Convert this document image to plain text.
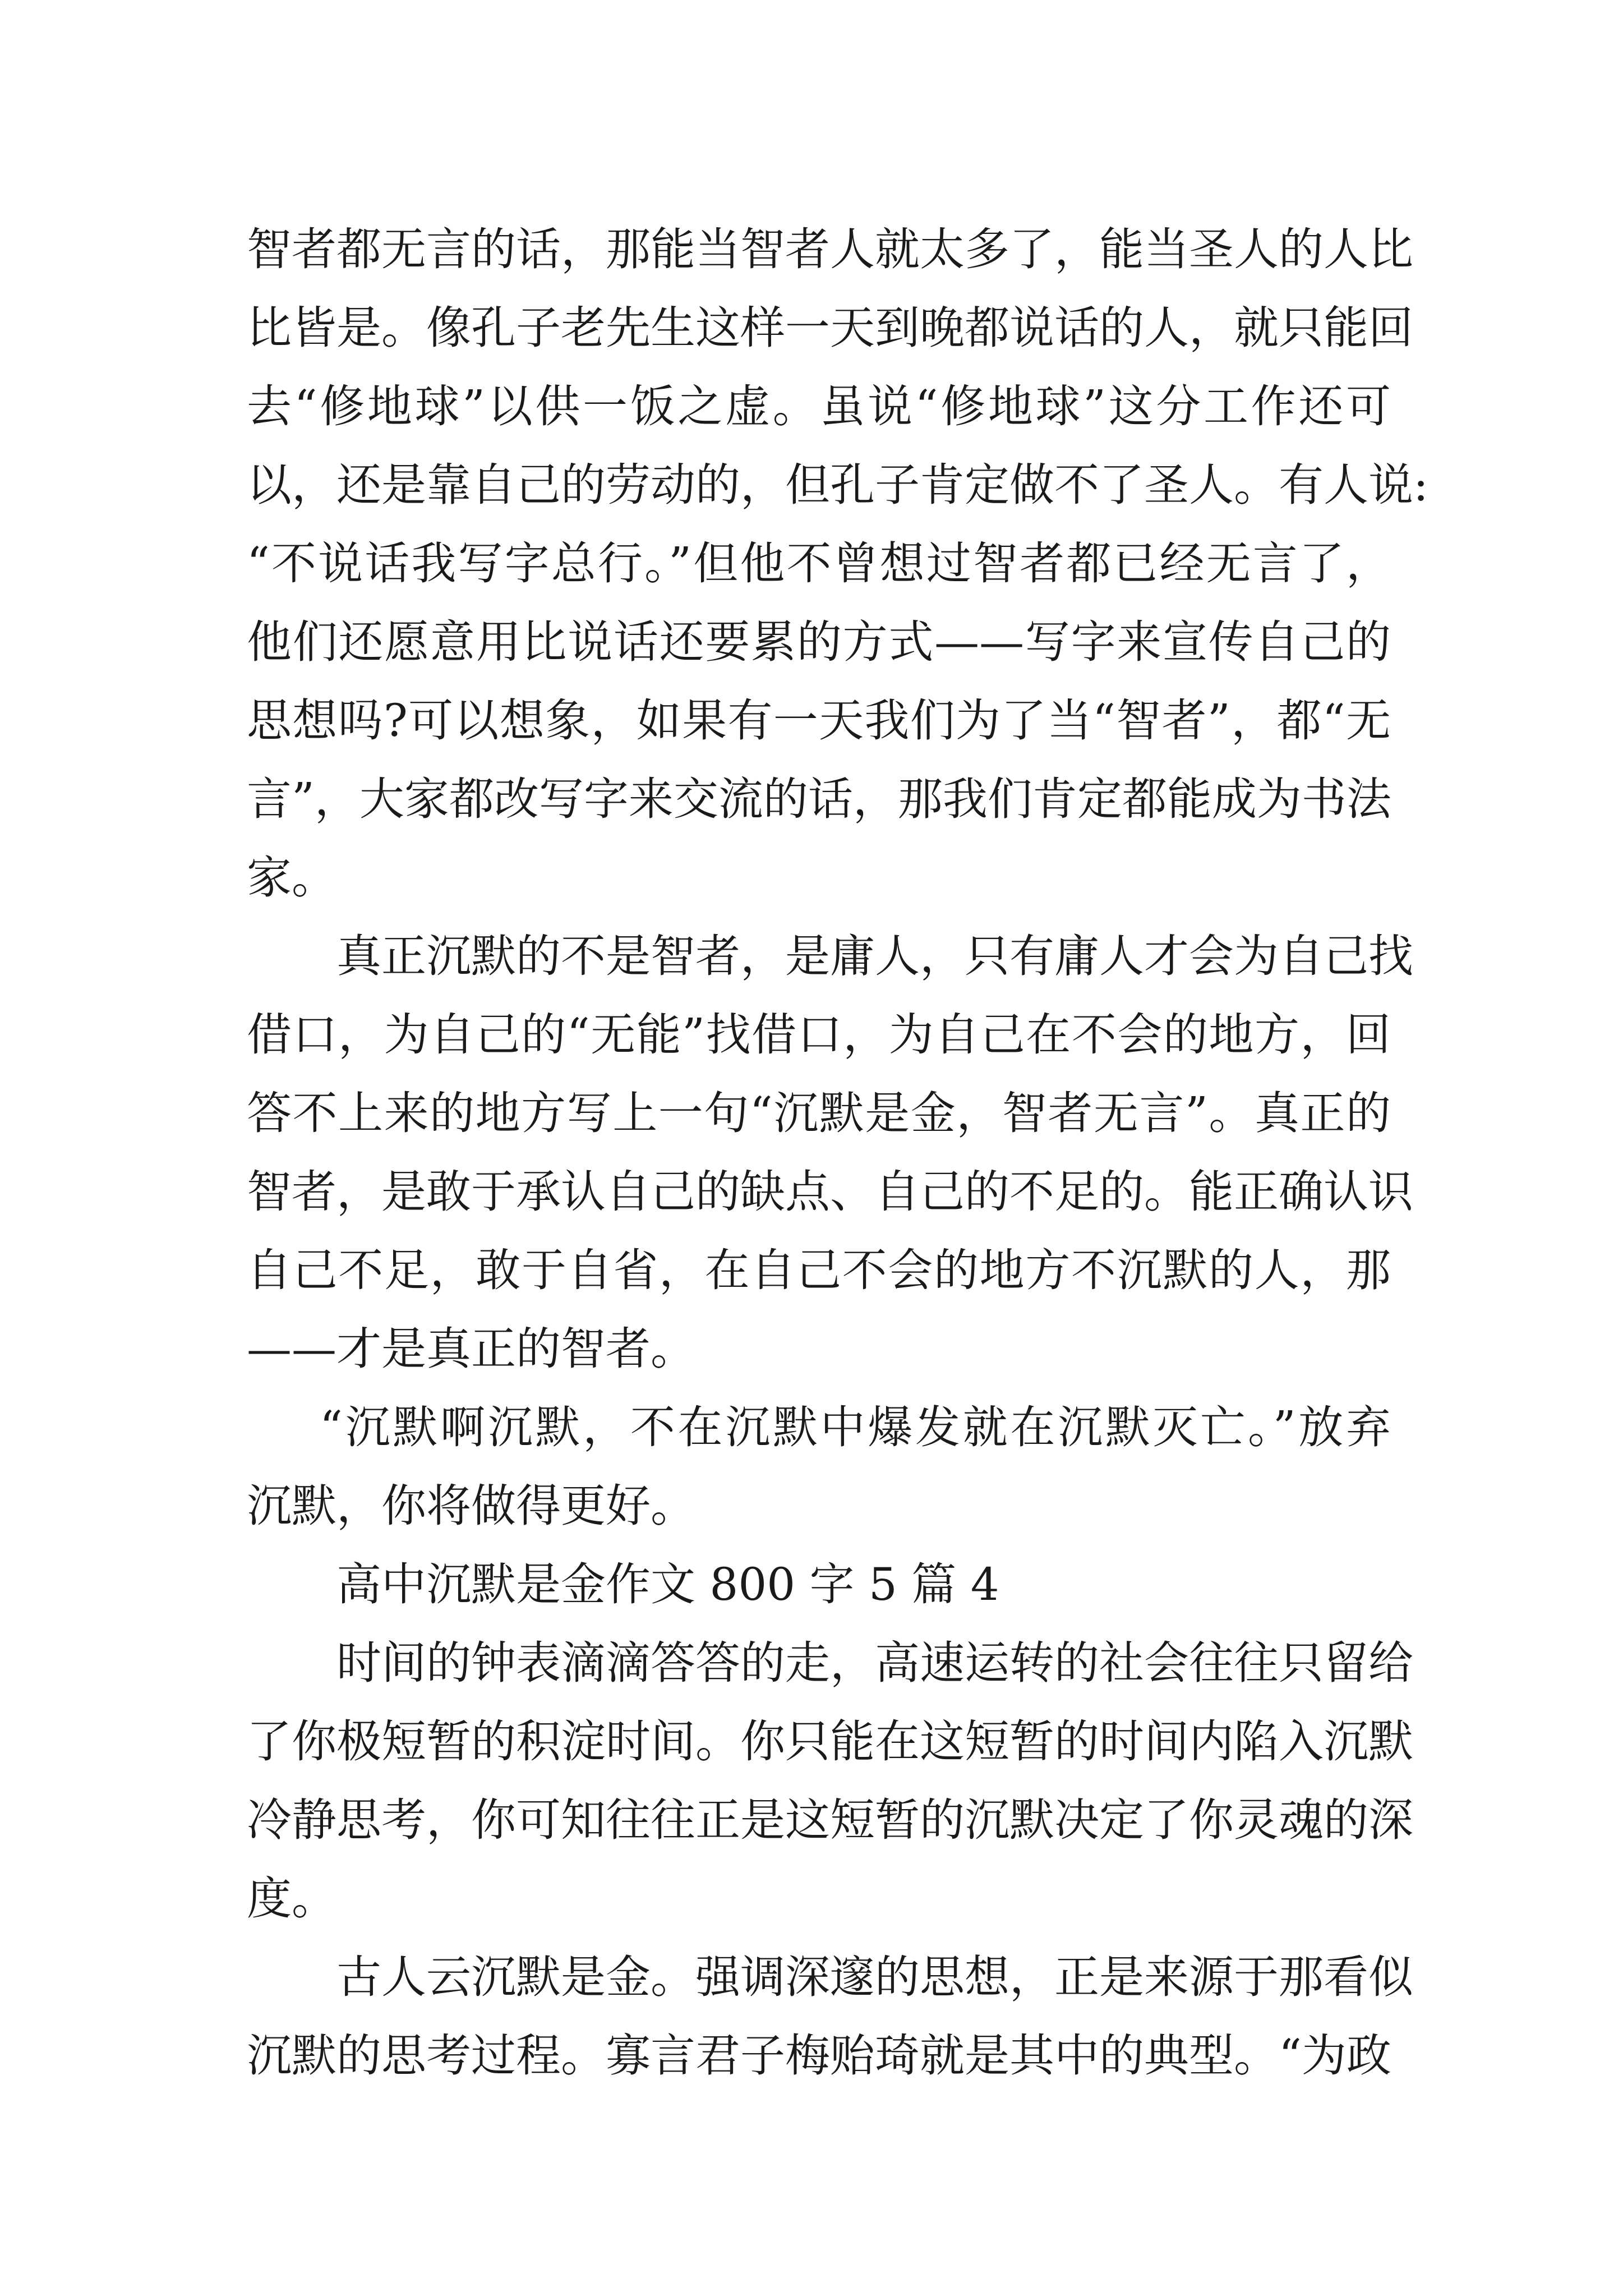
智者都无言的话，那能当智者人就太多了，能当圣人的人比
比皆是。像孔子老先生这样一天到晚都说话的人，就只能回
去“修地球”以供一饭之虚。虽说“修地球”这分工作还可
以，还是靠自己的劳动的，但孔子肯定做不了圣人。有人说:
“不说话我写字总行。”但他不曾想过智者都已经无言了，
他们还愿意用比说话还要累的方式——写字来宣传自己的
思想吗?可以想象，如果有一天我们为了当“智者”，都“无
言”，大家都改写字来交流的话，那我们肯定都能成为书法
家。
真正沉默的不是智者，是庸人，只有庸人才会为自己找
借口，为自己的“无能”找借口，为自己在不会的地方，回
答不上来的地方写上一句“沉默是金，智者无言”。真正的
智者，是敢于承认自己的缺点、自己的不足的。能正确认识
自己不足，敢于自省，在自己不会的地方不沉默的人，那
——才是真正的智者。
“沉默啊沉默，不在沉默中爆发就在沉默灭亡。”放弃
沉默，你将做得更好。
高中沉默是金作文 800 字 5 篇 4
时间的钟表滴滴答答的走，高速运转的社会往往只留给
了你极短暂的积淀时间。你只能在这短暂的时间内陷入沉默
冷静思考，你可知往往正是这短暂的沉默决定了你灵魂的深
度。
古人云沉默是金。强调深邃的思想，正是来源于那看似
沉默的思考过程。寡言君子梅贻琦就是其中的典型。“为政
